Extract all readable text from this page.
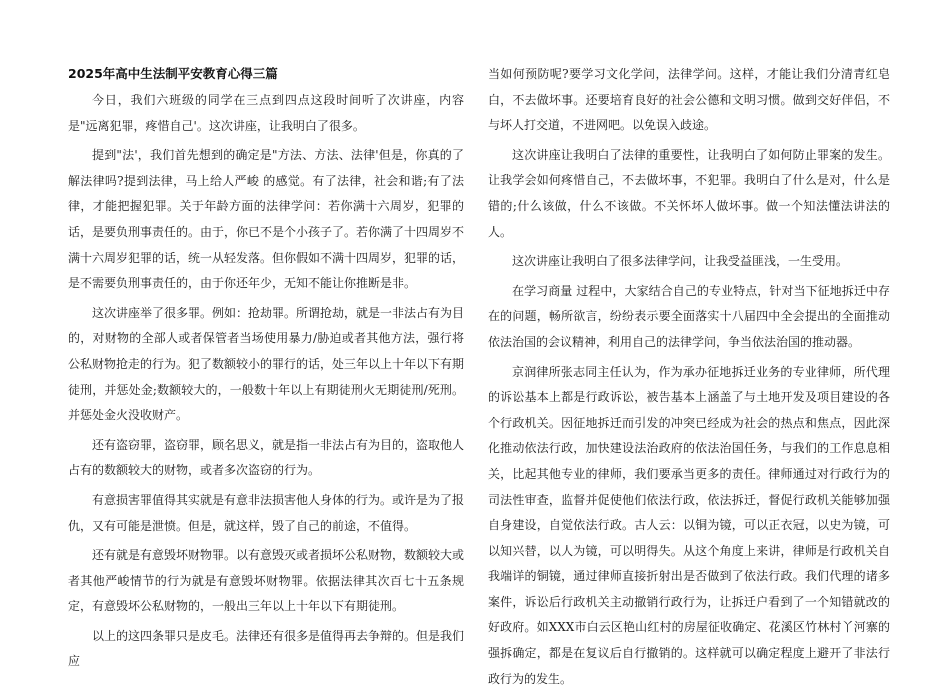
2025年高中生法制平安教育心得三篇

今日，我们六班级的同学在三点到四点这段时间听了次讲座，内容是"远离犯罪，疼惜自己'。这次讲座，让我明白了很多。

提到"法'，我们首先想到的确定是"方法、方法、法律'但是，你真的了解法律吗?提到法律，马上给人严峻 的感觉。有了法律，社会和谐;有了法律，才能把握犯罪。关于年龄方面的法律学问：若你满十六周岁，犯罪的话，是要负刑事责任的。由于，你已不是个小孩子了。若你满了十四周岁不满十六周岁犯罪的话，统一从轻发落。但你假如不满十四周岁，犯罪的话，是不需要负刑事责任的，由于你还年少，无知不能让你推断是非。

这次讲座举了很多罪。例如：抢劫罪。所谓抢劫，就是一非法占有为目的，对财物的全部人或者保管者当场使用暴力/胁迫或者其他方法，强行将公私财物抢走的行为。犯了数额较小的罪行的话，处三年以上十年以下有期徒刑，并惩处金;数额较大的，一般数十年以上有期徒刑火无期徒刑/死刑。并惩处金火没收财产。

还有盗窃罪，盗窃罪，顾名思义，就是指一非法占有为目的，盗取他人占有的数额较大的财物，或者多次盗窃的行为。

有意损害罪值得其实就是有意非法损害他人身体的行为。或许是为了报仇，又有可能是泄愤。但是，就这样，毁了自己的前途，不值得。

还有就是有意毁坏财物罪。以有意毁灭或者损坏公私财物，数额较大或者其他严峻情节的行为就是有意毁坏财物罪。依据法律其次百七十五条规定，有意毁坏公私财物的，一般出三年以上十年以下有期徒刑。

以上的这四条罪只是皮毛。法律还有很多是值得再去争辩的。但是我们应

当如何预防呢?要学习文化学问，法律学问。这样，才能让我们分清青红皂白，不去做坏事。还要培育良好的社会公德和文明习惯。做到交好伴侣，不与坏人打交道，不进网吧。以免误入歧途。

这次讲座让我明白了法律的重要性，让我明白了如何防止罪案的发生。让我学会如何疼惜自己，不去做坏事，不犯罪。我明白了什么是对，什么是错的;什么该做，什么不该做。不关怀坏人做坏事。做一个知法懂法讲法的人。

这次讲座让我明白了很多法律学问，让我受益匪浅，一生受用。

在学习商量 过程中，大家结合自己的专业特点，针对当下征地拆迁中存在的问题，畅所欲言，纷纷表示要全面落实十八届四中全会提出的全面推动依法治国的会议精神，利用自己的法律学问，争当依法治国的推动器。

京润律所张志同主任认为，作为承办征地拆迁业务的专业律师，所代理的诉讼基本上都是行政诉讼，被告基本上涵盖了与土地开发及项目建设的各个行政机关。因征地拆迁而引发的冲突已经成为社会的热点和焦点，因此深化推动依法行政，加快建设法治政府的依法治国任务，与我们的工作息息相关，比起其他专业的律师，我们要承当更多的责任。律师通过对行政行为的司法性审查，监督并促使他们依法行政，依法拆迁，督促行政机关能够加强自身建设，自觉依法行政。古人云：以铜为镜，可以正衣冠，以史为镜，可以知兴替，以人为镜，可以明得失。从这个角度上来讲，律师是行政机关自我端详的铜镜，通过律师直接折射出是否做到了依法行政。我们代理的诸多案件，诉讼后行政机关主动撤销行政行为，让拆迁户看到了一个知错就改的好政府。如XXX市白云区艳山红村的房屋征收确定、花溪区竹林村丫河寨的强拆确定，都是在复议后自行撤销的。这样就可以确定程度上避开了非法行政行为的发生。
